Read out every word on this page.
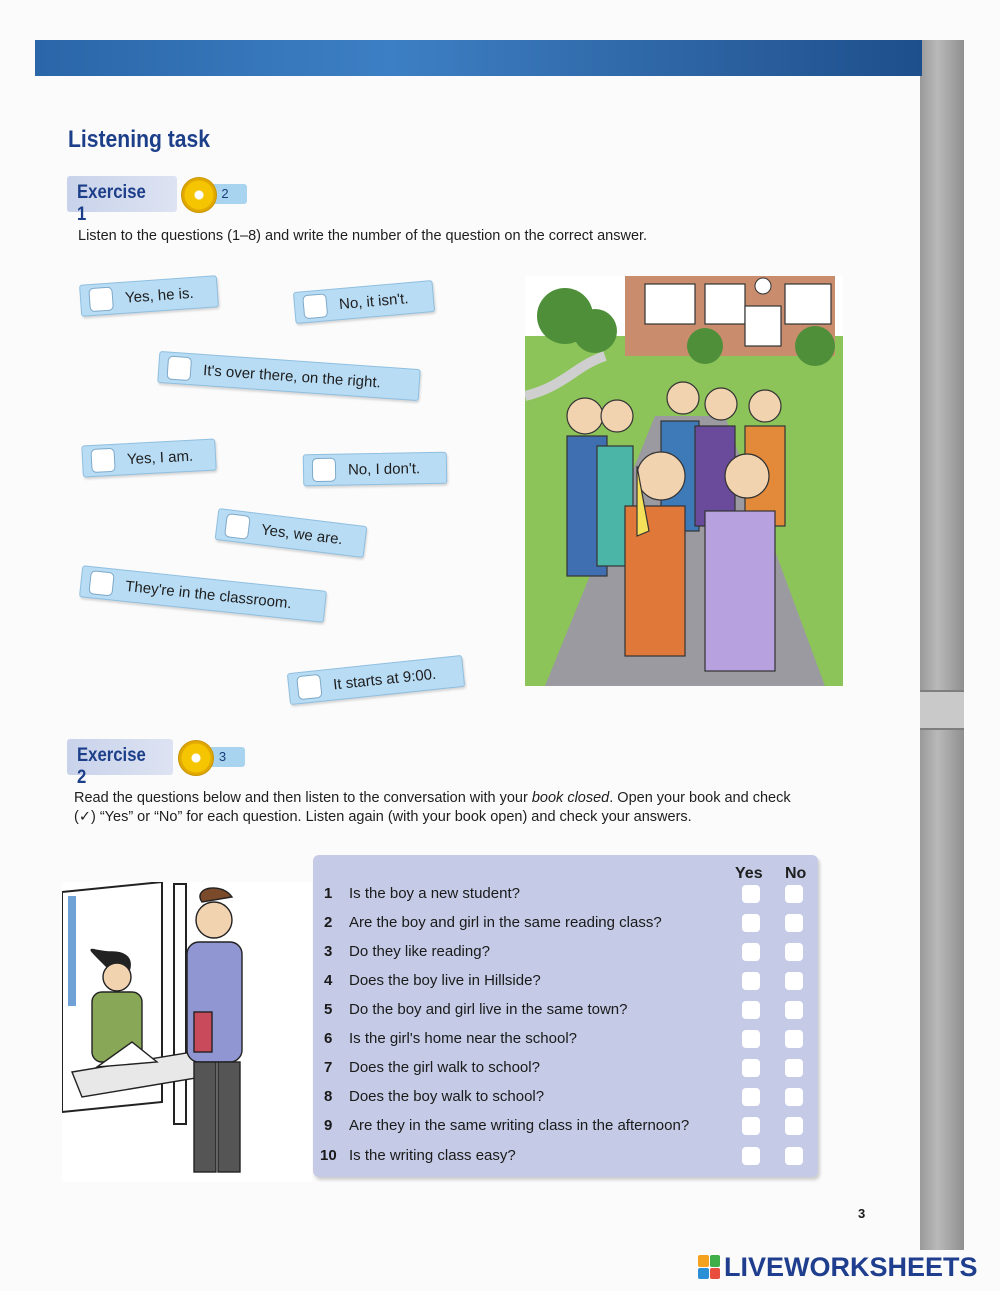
Listening task
Exercise 1
2
Listen to the questions (1–8) and write the number of the question on the correct answer.
Yes, he is.	No, it isn't.
It's over there, on the right.
Yes, I am.
No, I don't.
Yes, we are.
They're in the classroom.
It starts at 9:00.
Exercise 2
3
Read the questions below and then listen to the conversation with your book closed. Open your book and check (✓) “Yes” or “No” for each question. Listen again (with your book open) and check your answers.
Yes No
1 Is the boy a new student?
2 Are the boy and girl in the same reading class?
3 Do they like reading?
4 Does the boy live in Hillside?
5 Do the boy and girl live in the same town?
6 Is the girl's home near the school?
7 Does the girl walk to school?
8 Does the boy walk to school?
9 Are they in the same writing class in the afternoon?
10 Is the writing class easy?
3
LIVEWORKSHEETS
